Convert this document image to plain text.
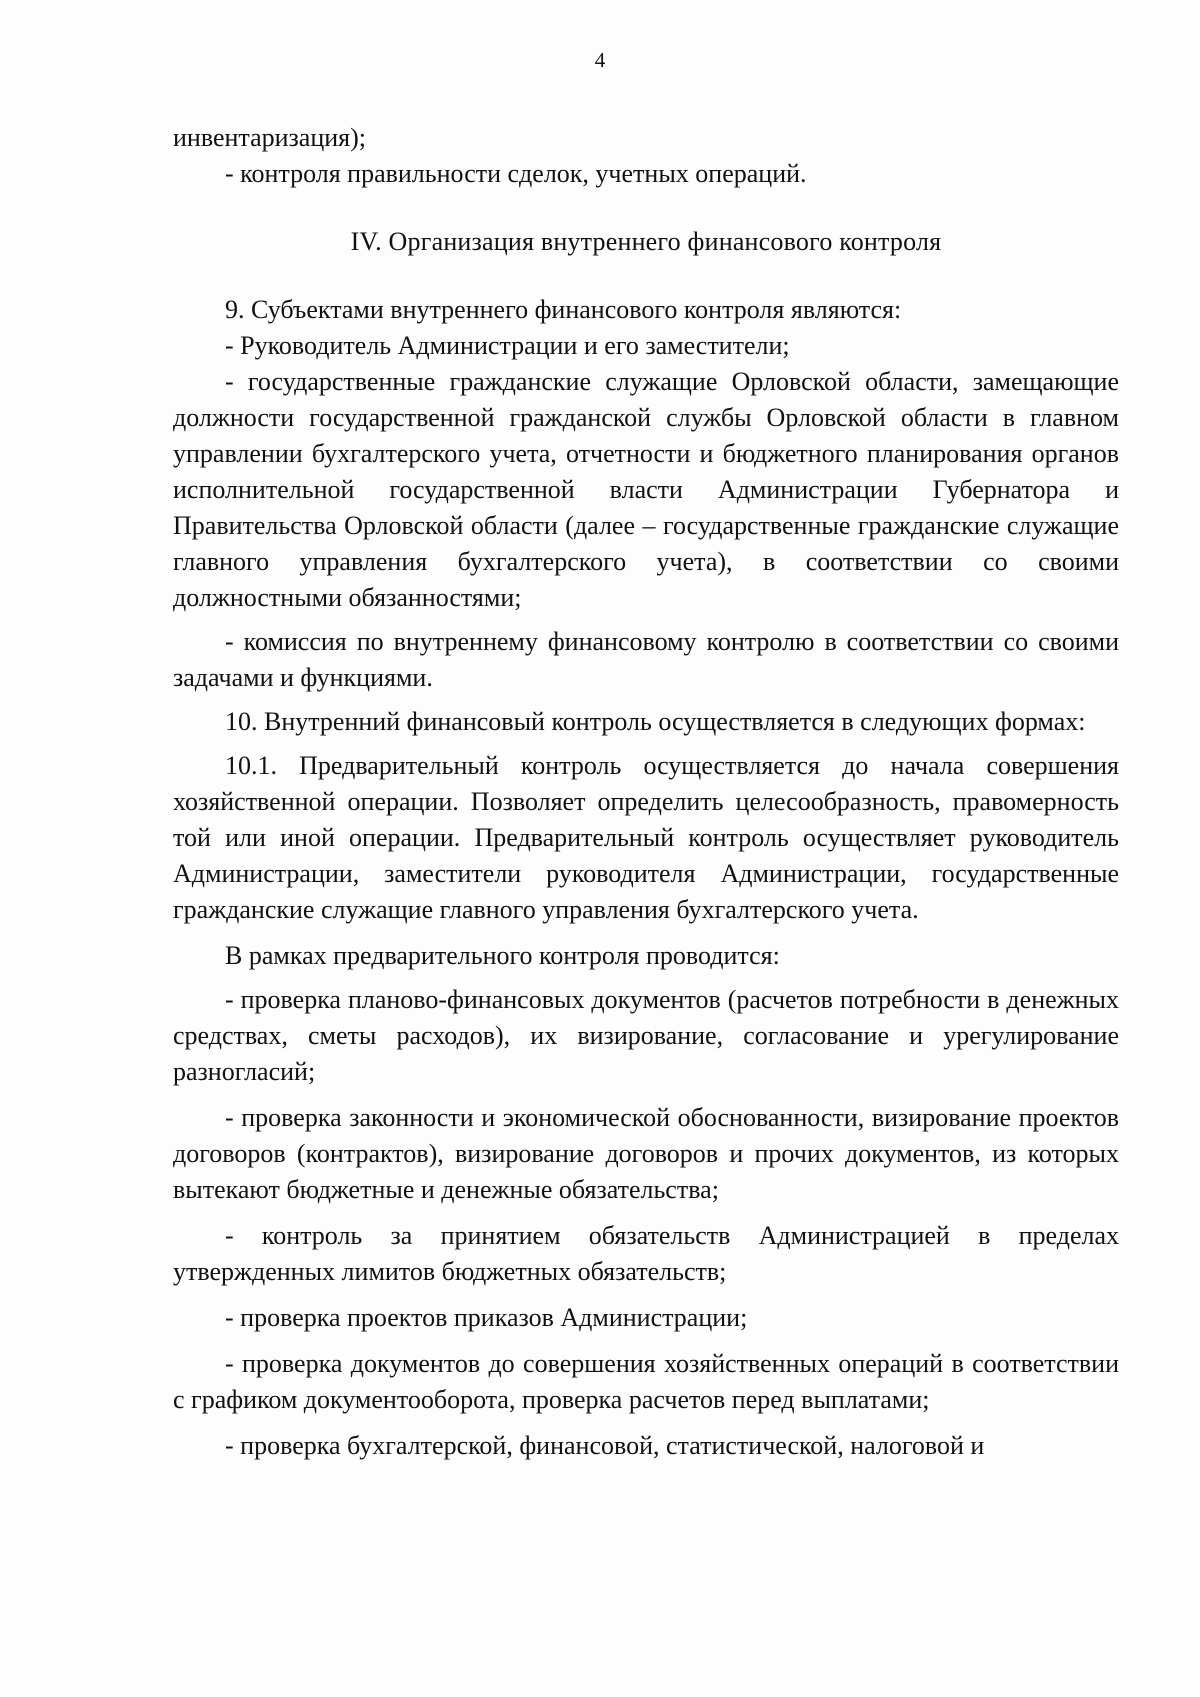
4

инвентаризация);

- контроля правильности сделок, учетных операций.

IV. Организация внутреннего финансового контроля

9. Субъектами внутреннего финансового контроля являются:

- Руководитель Администрации и его заместители;

- государственные гражданские служащие Орловской области, замещающие должности государственной гражданской службы Орловской области в главном управлении бухгалтерского учета, отчетности и бюджетного планирования органов исполнительной государственной власти Администрации Губернатора и Правительства Орловской области (далее – государственные гражданские служащие главного управления бухгалтерского учета), в соответствии со своими должностными обязанностями;

- комиссия по внутреннему финансовому контролю в соответствии со своими задачами и функциями.

10. Внутренний финансовый контроль осуществляется в следующих формах:

10.1. Предварительный контроль осуществляется до начала совершения хозяйственной операции. Позволяет определить целесообразность, правомерность той или иной операции. Предварительный контроль осуществляет руководитель Администрации, заместители руководителя Администрации, государственные гражданские служащие главного управления бухгалтерского учета.

В рамках предварительного контроля проводится:

- проверка планово-финансовых документов (расчетов потребности в денежных средствах, сметы расходов), их визирование, согласование и урегулирование разногласий;

- проверка законности и экономической обоснованности, визирование проектов договоров (контрактов), визирование договоров и прочих документов, из которых вытекают бюджетные и денежные обязательства;

- контроль за принятием обязательств Администрацией в пределах утвержденных лимитов бюджетных обязательств;

- проверка проектов приказов Администрации;

- проверка документов до совершения хозяйственных операций в соответствии с графиком документооборота, проверка расчетов перед выплатами;

- проверка бухгалтерской, финансовой, статистической, налоговой и
